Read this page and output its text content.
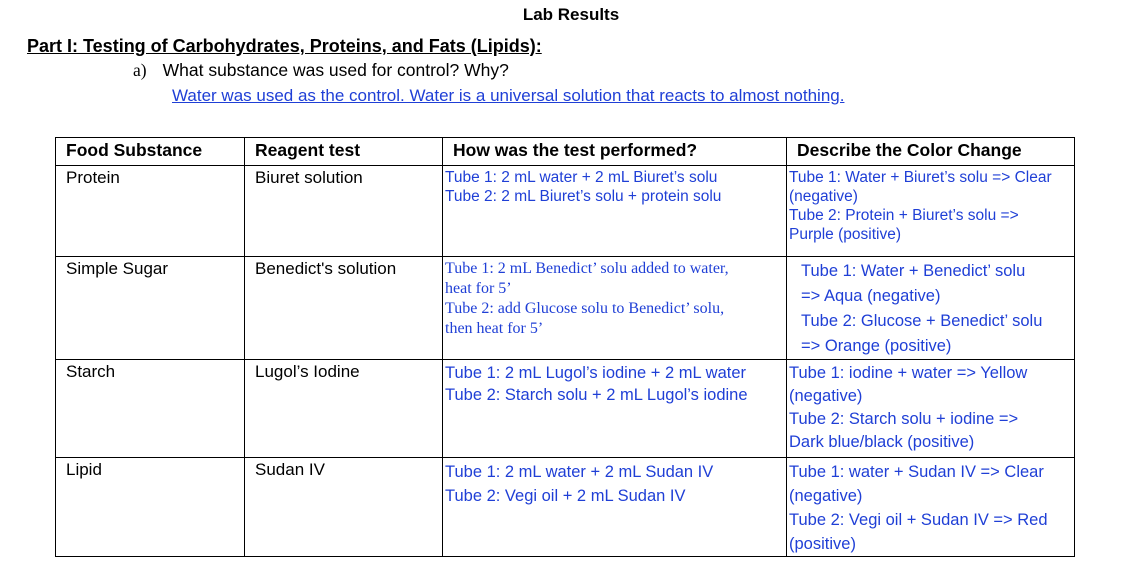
Lab Results
Part I: Testing of Carbohydrates, Proteins, and Fats (Lipids):
a) What substance was used for control? Why?
Water was used as the control. Water is a universal solution that reacts to almost nothing.
Food Substance	Reagent test	How was the test performed?	Describe the Color Change
Protein	Biuret solution	Tube 1: 2 mL water + 2 mL Biuret’s solu
Tube 2: 2 mL Biuret’s solu + protein solu	Tube 1: Water + Biuret’s solu => Clear
(negative)
Tube 2: Protein + Biuret’s solu =>
Purple (positive)

Simple Sugar	Benedict's solution	Tube 1: 2 mL Benedict’ solu added to water,
heat for 5’
Tube 2: add Glucose solu to Benedict’ solu,
then heat for 5’	Tube 1: Water + Benedict’ solu
=> Aqua (negative)
Tube 2: Glucose + Benedict’ solu
=> Orange (positive)

Starch	Lugol’s Iodine	Tube 1: 2 mL Lugol’s iodine + 2 mL water
Tube 2: Starch solu + 2 mL Lugol’s iodine	Tube 1: iodine + water => Yellow
(negative)
Tube 2: Starch solu + iodine =>
Dark blue/black (positive)

Lipid	Sudan IV	Tube 1: 2 mL water + 2 mL Sudan IV
Tube 2: Vegi oil + 2 mL Sudan IV	Tube 1: water + Sudan IV => Clear
(negative)
Tube 2: Vegi oil + Sudan IV => Red
(positive)
